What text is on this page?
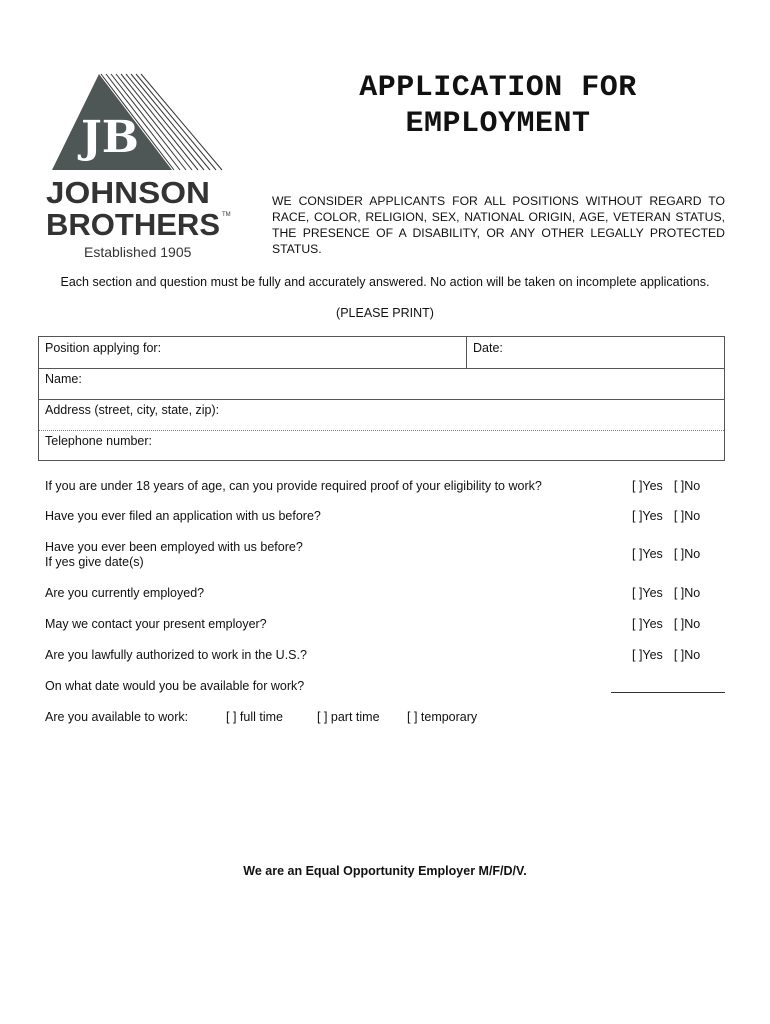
JB
JOHNSON
BROTHERS TM
Established 1905
APPLICATION FOR
EMPLOYMENT
WE CONSIDER APPLICANTS FOR ALL POSITIONS WITHOUT REGARD TO RACE, COLOR, RELIGION, SEX, NATIONAL ORIGIN, AGE, VETERAN STATUS, THE PRESENCE OF A DISABILITY, OR ANY OTHER LEGALLY PROTECTED STATUS.
Each section and question must be fully and accurately answered. No action will be taken on incomplete applications.
(PLEASE PRINT)
Position applying for:	Date:
Name:
Address (street, city, state, zip):
Telephone number:
If you are under 18 years of age, can you provide required proof of your eligibility to work?	[ ]Yes [ ]No
Have you ever filed an application with us before?	[ ]Yes [ ]No
Have you ever been employed with us before?
If yes give date(s)
[ ]Yes [ ]No
Are you currently employed?	[ ]Yes [ ]No
May we contact your present employer?	[ ]Yes [ ]No
Are you lawfully authorized to work in the U.S.?	[ ]Yes [ ]No
On what date would you be available for work?
Are you available to work:	[ ] full time	[ ] part time [ ] temporary
We are an Equal Opportunity Employer M/F/D/V.
